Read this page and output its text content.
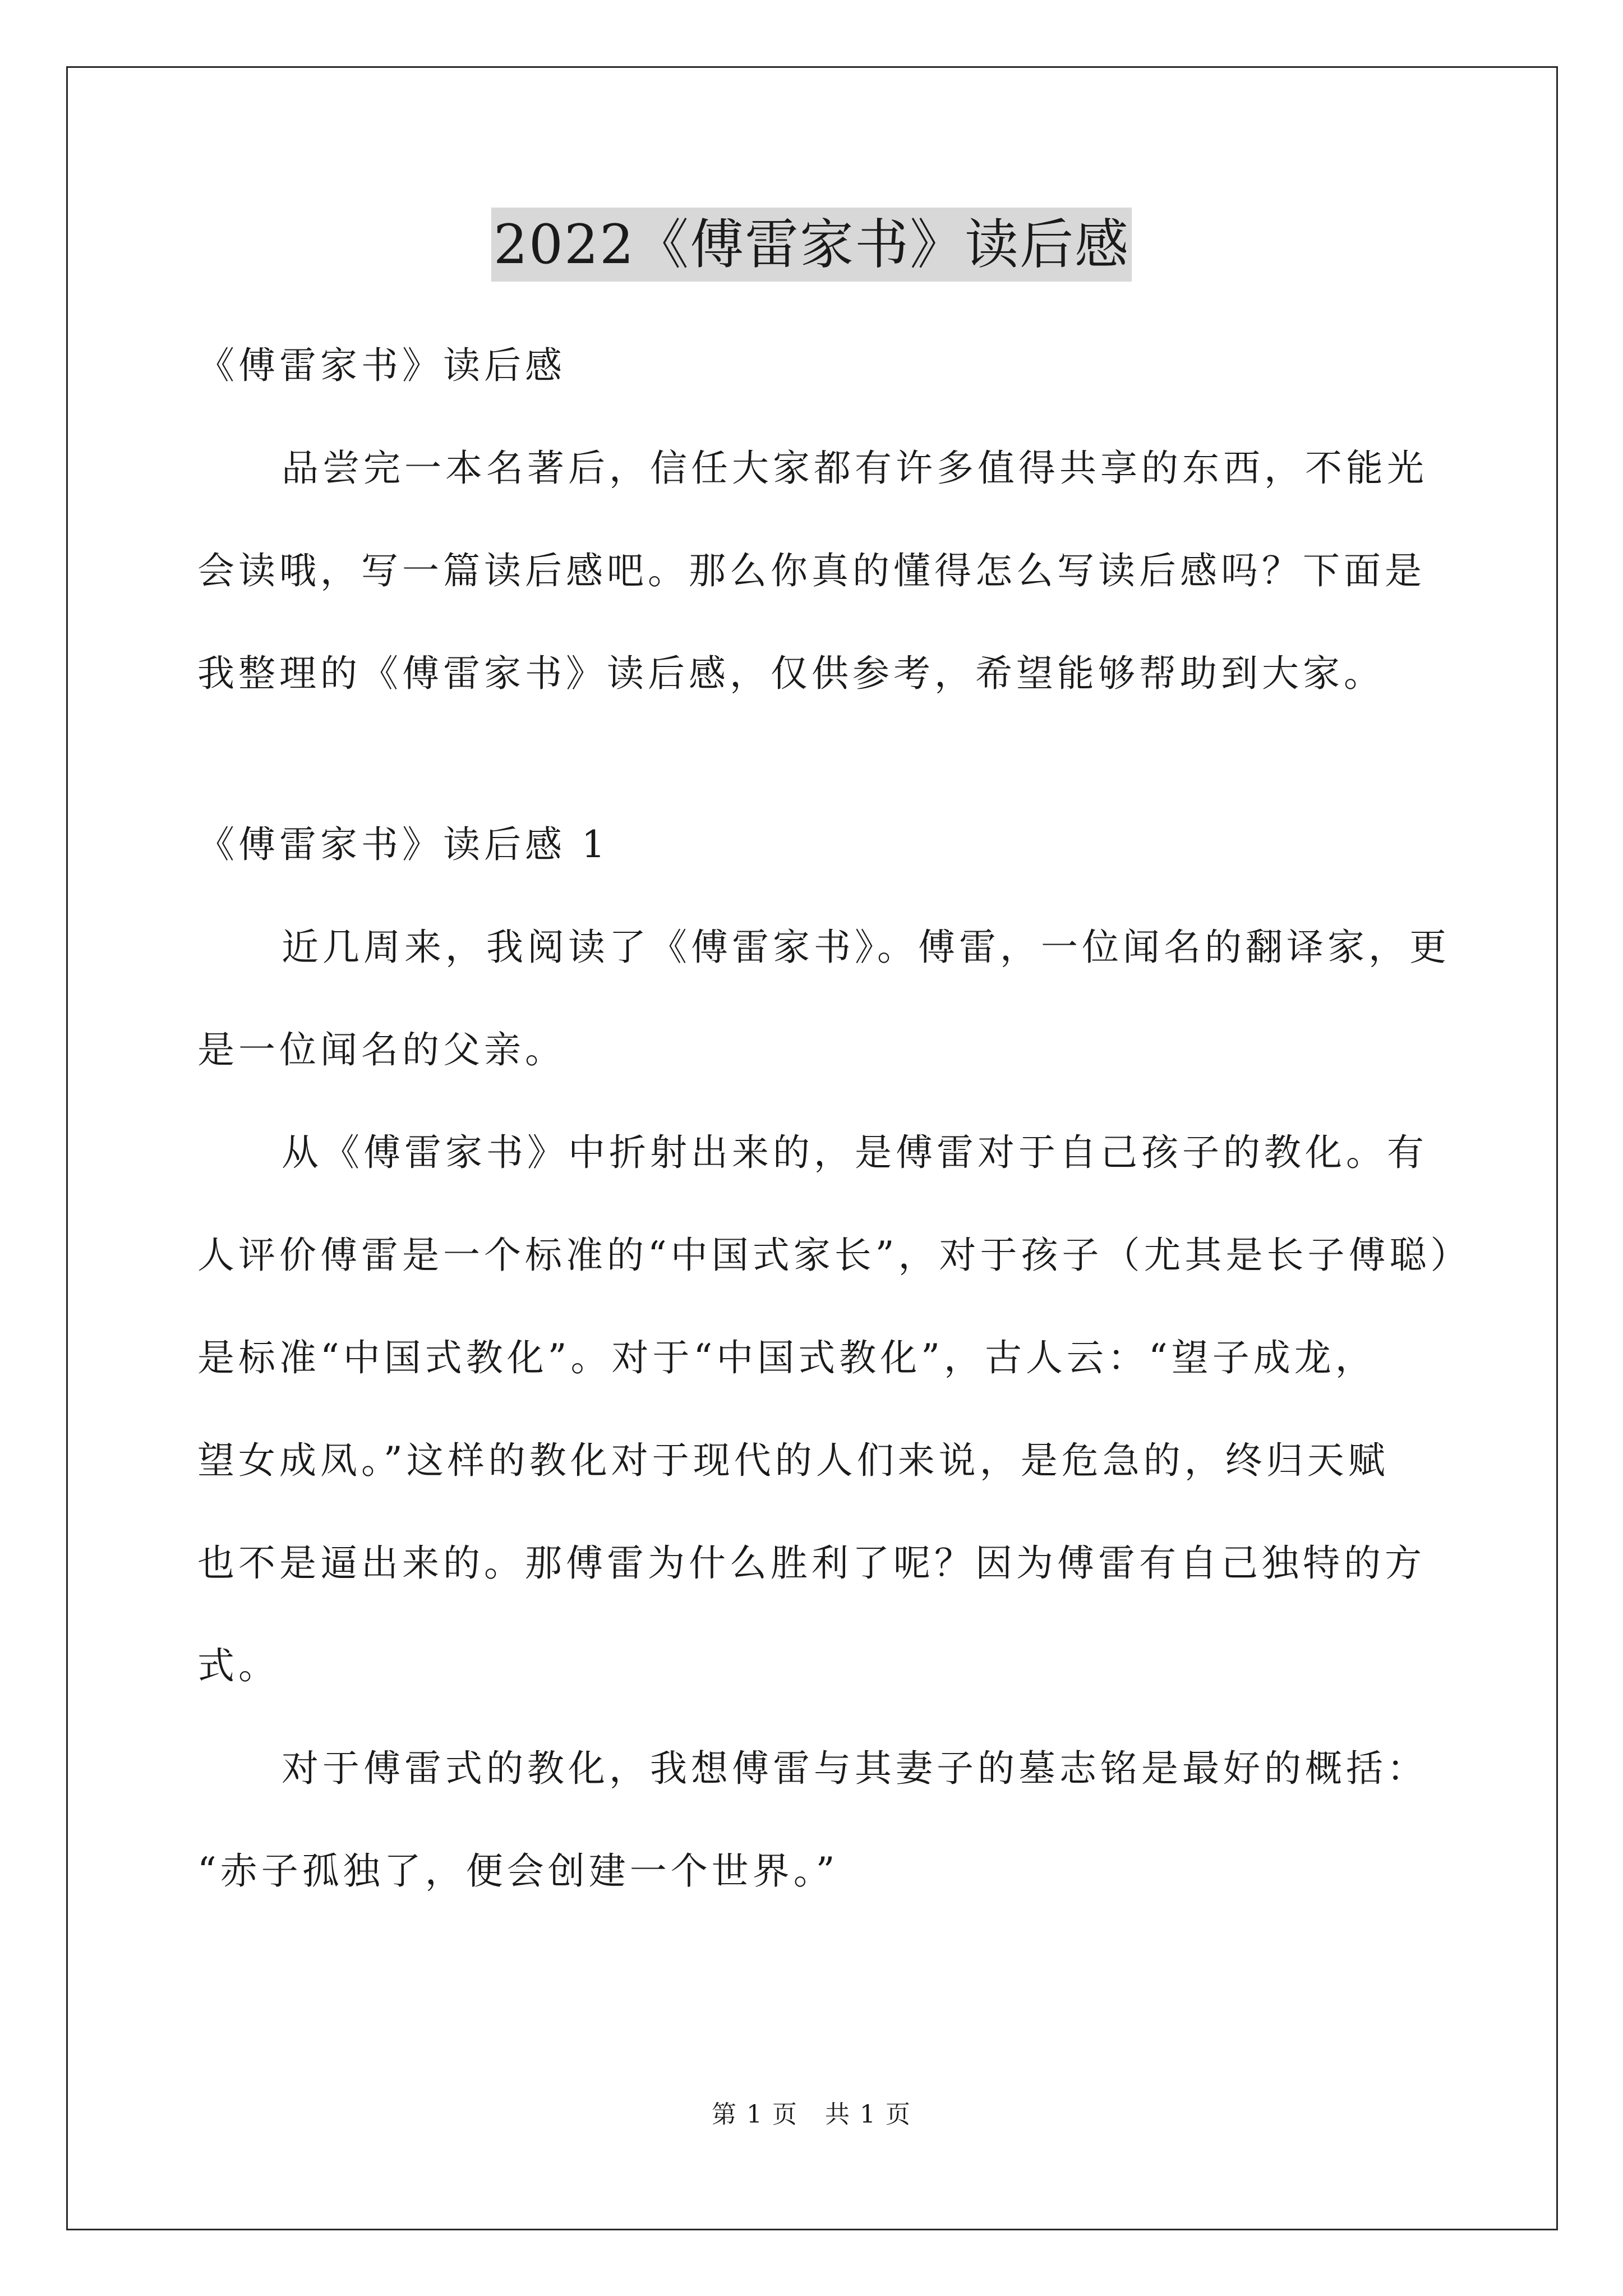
2022《傅雷家书》读后感
《傅雷家书》读后感
品尝完一本名著后，信任大家都有许多值得共享的东西，不能光
会读哦，写一篇读后感吧。那么你真的懂得怎么写读后感吗？下面是
我整理的《傅雷家书》读后感，仅供参考，希望能够帮助到大家。
《傅雷家书》读后感 1
近几周来，我阅读了《傅雷家书》。傅雷，一位闻名的翻译家，更
是一位闻名的父亲。
从《傅雷家书》中折射出来的，是傅雷对于自己孩子的教化。有
人评价傅雷是一个标准的“中国式家长”，对于孩子（尤其是长子傅聪）
是标准“中国式教化”。对于“中国式教化”，古人云：“望子成龙，
望女成凤。”这样的教化对于现代的人们来说，是危急的，终归天赋
也不是逼出来的。那傅雷为什么胜利了呢？因为傅雷有自己独特的方
式。
对于傅雷式的教化，我想傅雷与其妻子的墓志铭是最好的概括：
“赤子孤独了，便会创建一个世界。”
第 1 页 共 1 页
